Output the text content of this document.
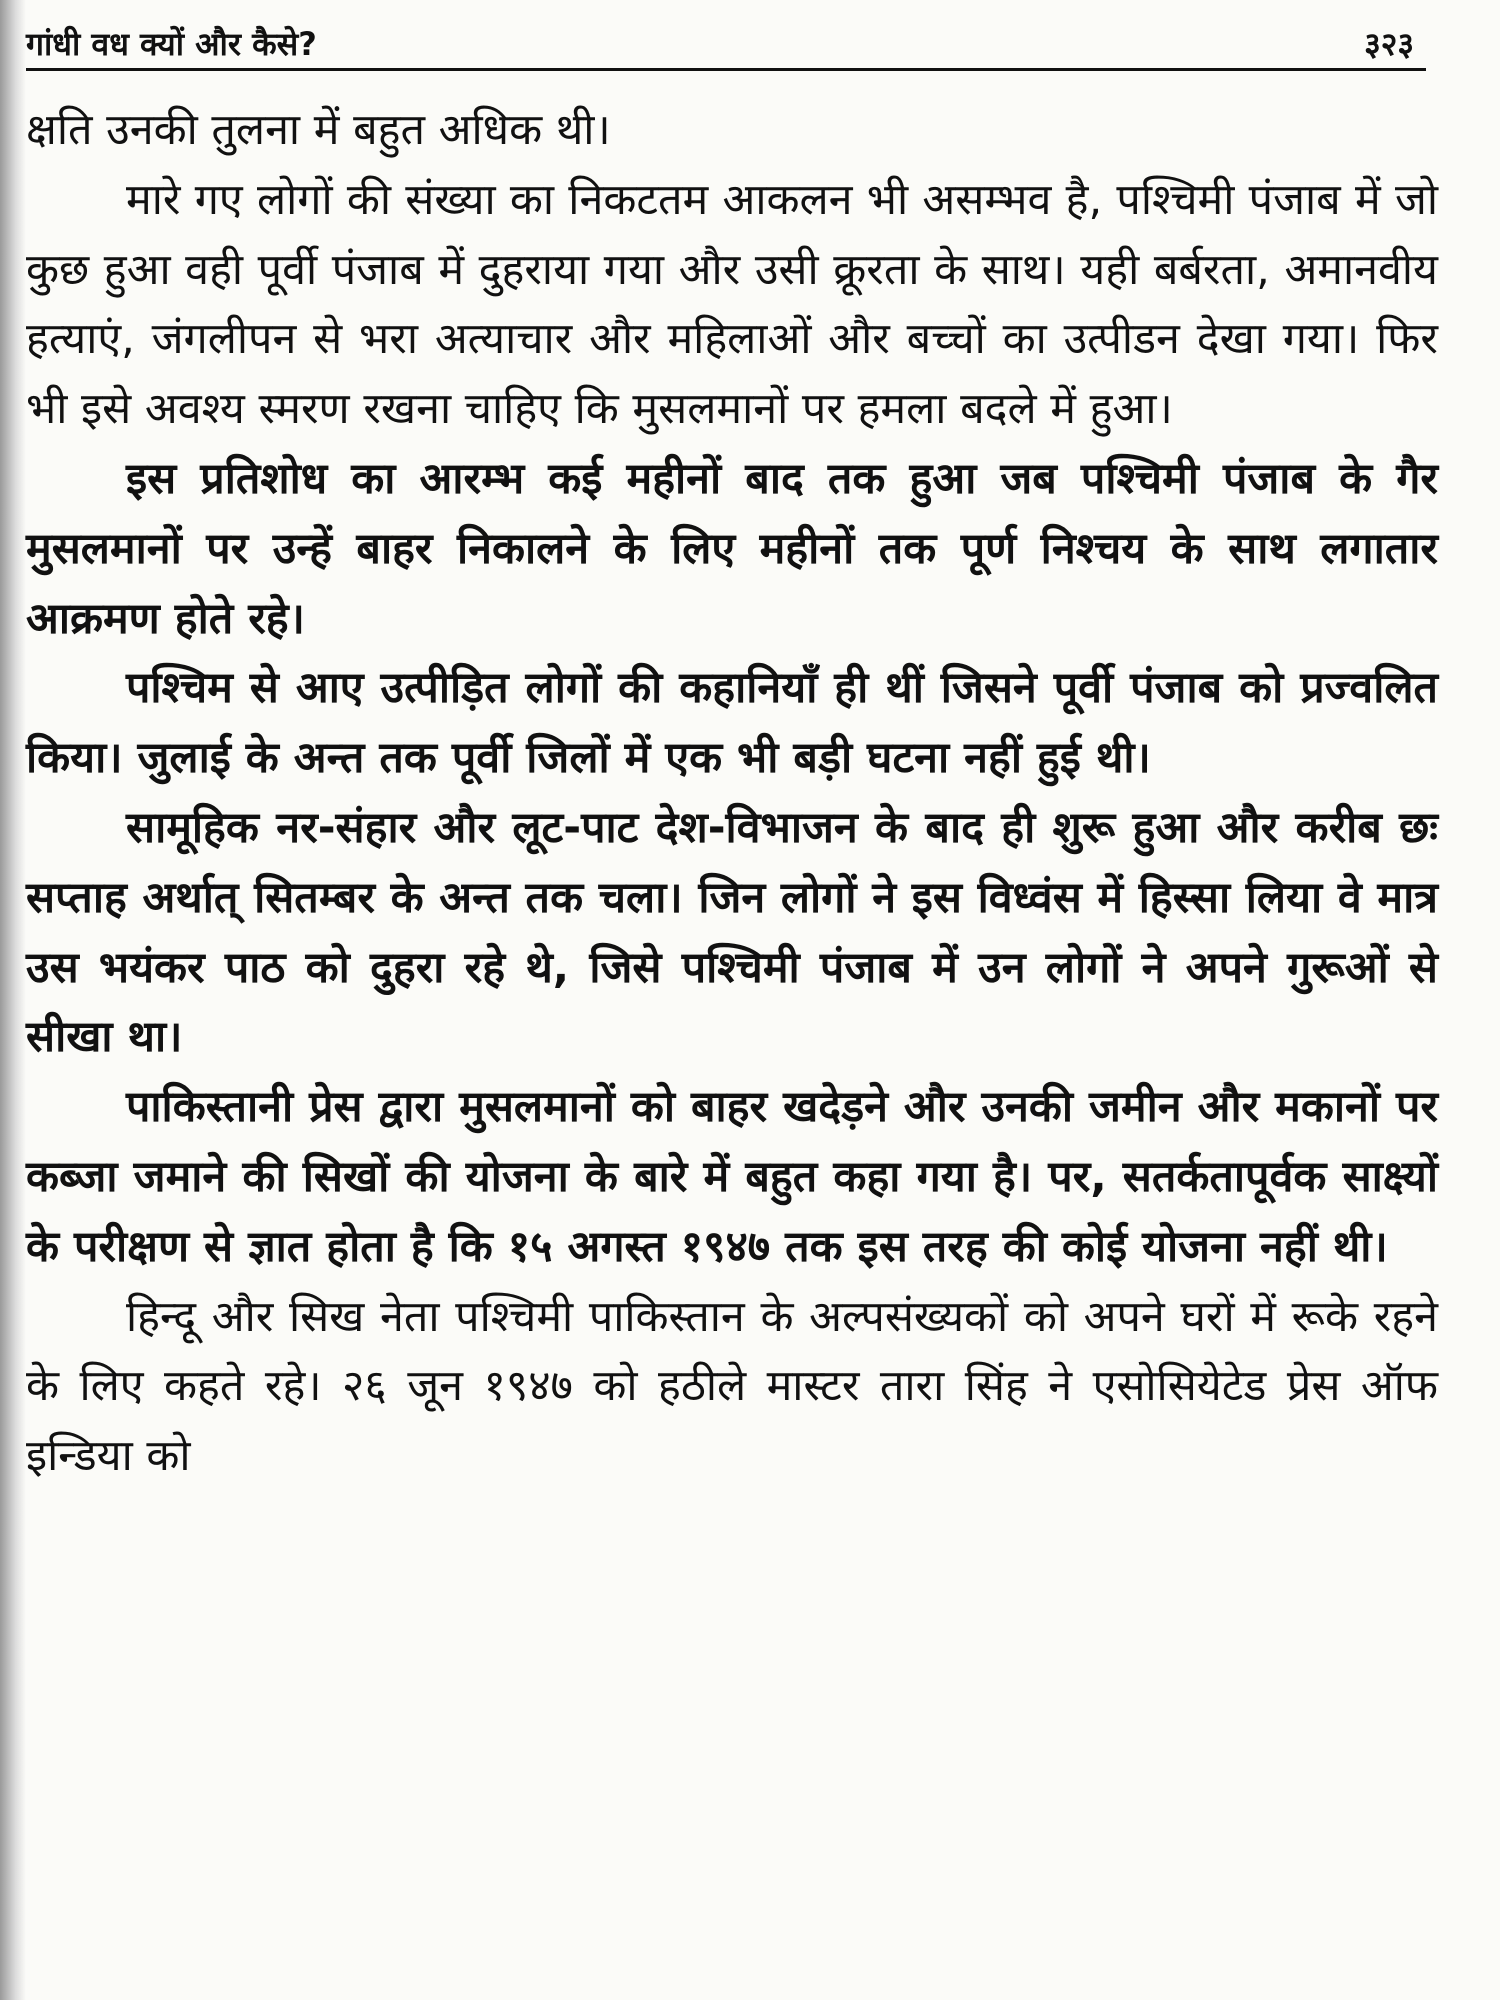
गांधी वध क्यों और कैसे?	३२३

क्षति उनकी तुलना में बहुत अधिक थी।

मारे गए लोगों की संख्या का निकटतम आकलन भी असम्भव है, पश्चिमी पंजाब में जो कुछ हुआ वही पूर्वी पंजाब में दुहराया गया और उसी क्रूरता के साथ। यही बर्बरता, अमानवीय हत्याएं, जंगलीपन से भरा अत्याचार और महिलाओं और बच्चों का उत्पीडन देखा गया। फिर भी इसे अवश्य स्मरण रखना चाहिए कि मुसलमानों पर हमला बदले में हुआ।

इस प्रतिशोध का आरम्भ कई महीनों बाद तक हुआ जब पश्चिमी पंजाब के गैर मुसलमानों पर उन्हें बाहर निकालने के लिए महीनों तक पूर्ण निश्चय के साथ लगातार आक्रमण होते रहे।

पश्चिम से आए उत्पीड़ित लोगों की कहानियाँ ही थीं जिसने पूर्वी पंजाब को प्रज्वलित किया। जुलाई के अन्त तक पूर्वी जिलों में एक भी बड़ी घटना नहीं हुई थी।

सामूहिक नर-संहार और लूट-पाट देश-विभाजन के बाद ही शुरू हुआ और करीब छः सप्ताह अर्थात् सितम्बर के अन्त तक चला। जिन लोगों ने इस विध्वंस में हिस्सा लिया वे मात्र उस भयंकर पाठ को दुहरा रहे थे, जिसे पश्चिमी पंजाब में उन लोगों ने अपने गुरूओं से सीखा था।

पाकिस्तानी प्रेस द्वारा मुसलमानों को बाहर खदेड़ने और उनकी जमीन और मकानों पर कब्जा जमाने की सिखों की योजना के बारे में बहुत कहा गया है। पर, सतर्कतापूर्वक साक्ष्यों के परीक्षण से ज्ञात होता है कि १५ अगस्त १९४७ तक इस तरह की कोई योजना नहीं थी।

हिन्दू और सिख नेता पश्चिमी पाकिस्तान के अल्पसंख्यकों को अपने घरों में रूके रहने के लिए कहते रहे। २६ जून १९४७ को हठीले मास्टर तारा सिंह ने एसोसियेटेड प्रेस ऑफ इन्डिया को
